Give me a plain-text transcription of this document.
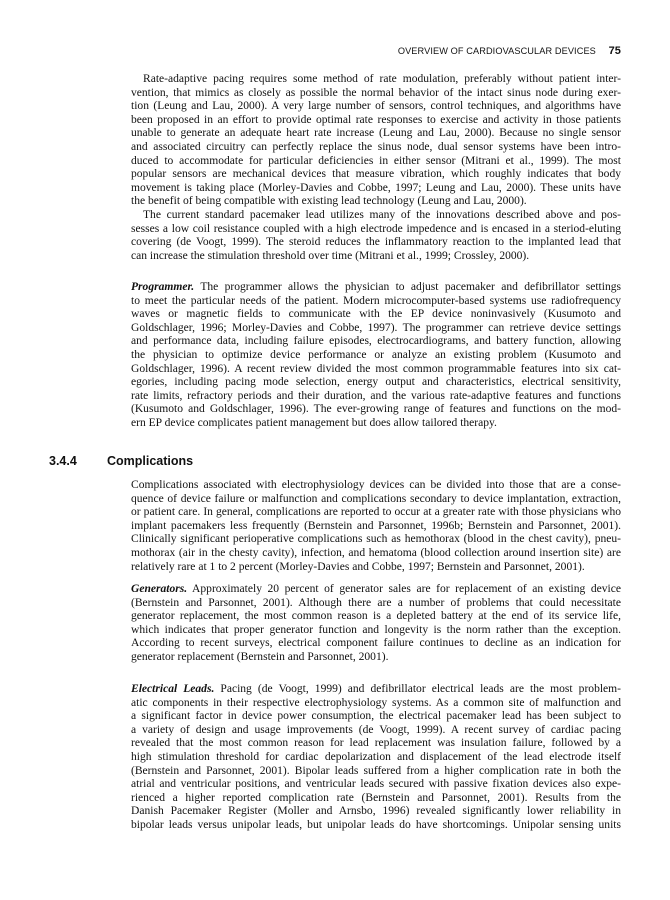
OVERVIEW OF CARDIOVASCULAR DEVICES 75
Rate-adaptive pacing requires some method of rate modulation, preferably without patient inter-
vention, that mimics as closely as possible the normal behavior of the intact sinus node during exer-
tion (Leung and Lau, 2000). A very large number of sensors, control techniques, and algorithms have
been proposed in an effort to provide optimal rate responses to exercise and activity in those patients
unable to generate an adequate heart rate increase (Leung and Lau, 2000). Because no single sensor
and associated circuitry can perfectly replace the sinus node, dual sensor systems have been intro-
duced to accommodate for particular deficiencies in either sensor (Mitrani et al., 1999). The most
popular sensors are mechanical devices that measure vibration, which roughly indicates that body
movement is taking place (Morley-Davies and Cobbe, 1997; Leung and Lau, 2000). These units have
the benefit of being compatible with existing lead technology (Leung and Lau, 2000).
The current standard pacemaker lead utilizes many of the innovations described above and pos-
sesses a low coil resistance coupled with a high electrode impedence and is encased in a steriod-eluting
covering (de Voogt, 1999). The steroid reduces the inflammatory reaction to the implanted lead that
can increase the stimulation threshold over time (Mitrani et al., 1999; Crossley, 2000).
Programmer. The programmer allows the physician to adjust pacemaker and defibrillator settings
to meet the particular needs of the patient. Modern microcomputer-based systems use radiofrequency
waves or magnetic fields to communicate with the EP device noninvasively (Kusumoto and
Goldschlager, 1996; Morley-Davies and Cobbe, 1997). The programmer can retrieve device settings
and performance data, including failure episodes, electrocardiograms, and battery function, allowing
the physician to optimize device performance or analyze an existing problem (Kusumoto and
Goldschlager, 1996). A recent review divided the most common programmable features into six cat-
egories, including pacing mode selection, energy output and characteristics, electrical sensitivity,
rate limits, refractory periods and their duration, and the various rate-adaptive features and functions
(Kusumoto and Goldschlager, 1996). The ever-growing range of features and functions on the mod-
ern EP device complicates patient management but does allow tailored therapy.
3.4.4 Complications
Complications associated with electrophysiology devices can be divided into those that are a conse-
quence of device failure or malfunction and complications secondary to device implantation, extraction,
or patient care. In general, complications are reported to occur at a greater rate with those physicians who
implant pacemakers less frequently (Bernstein and Parsonnet, 1996b; Bernstein and Parsonnet, 2001).
Clinically significant perioperative complications such as hemothorax (blood in the chest cavity), pneu-
mothorax (air in the chesty cavity), infection, and hematoma (blood collection around insertion site) are
relatively rare at 1 to 2 percent (Morley-Davies and Cobbe, 1997; Bernstein and Parsonnet, 2001).
Generators. Approximately 20 percent of generator sales are for replacement of an existing device
(Bernstein and Parsonnet, 2001). Although there are a number of problems that could necessitate
generator replacement, the most common reason is a depleted battery at the end of its service life,
which indicates that proper generator function and longevity is the norm rather than the exception.
According to recent surveys, electrical component failure continues to decline as an indication for
generator replacement (Bernstein and Parsonnet, 2001).
Electrical Leads. Pacing (de Voogt, 1999) and defibrillator electrical leads are the most problem-
atic components in their respective electrophysiology systems. As a common site of malfunction and
a significant factor in device power consumption, the electrical pacemaker lead has been subject to
a variety of design and usage improvements (de Voogt, 1999). A recent survey of cardiac pacing
revealed that the most common reason for lead replacement was insulation failure, followed by a
high stimulation threshold for cardiac depolarization and displacement of the lead electrode itself
(Bernstein and Parsonnet, 2001). Bipolar leads suffered from a higher complication rate in both the
atrial and ventricular positions, and ventricular leads secured with passive fixation devices also expe-
rienced a higher reported complication rate (Bernstein and Parsonnet, 2001). Results from the
Danish Pacemaker Register (Moller and Arnsbo, 1996) revealed significantly lower reliability in
bipolar leads versus unipolar leads, but unipolar leads do have shortcomings. Unipolar sensing units
